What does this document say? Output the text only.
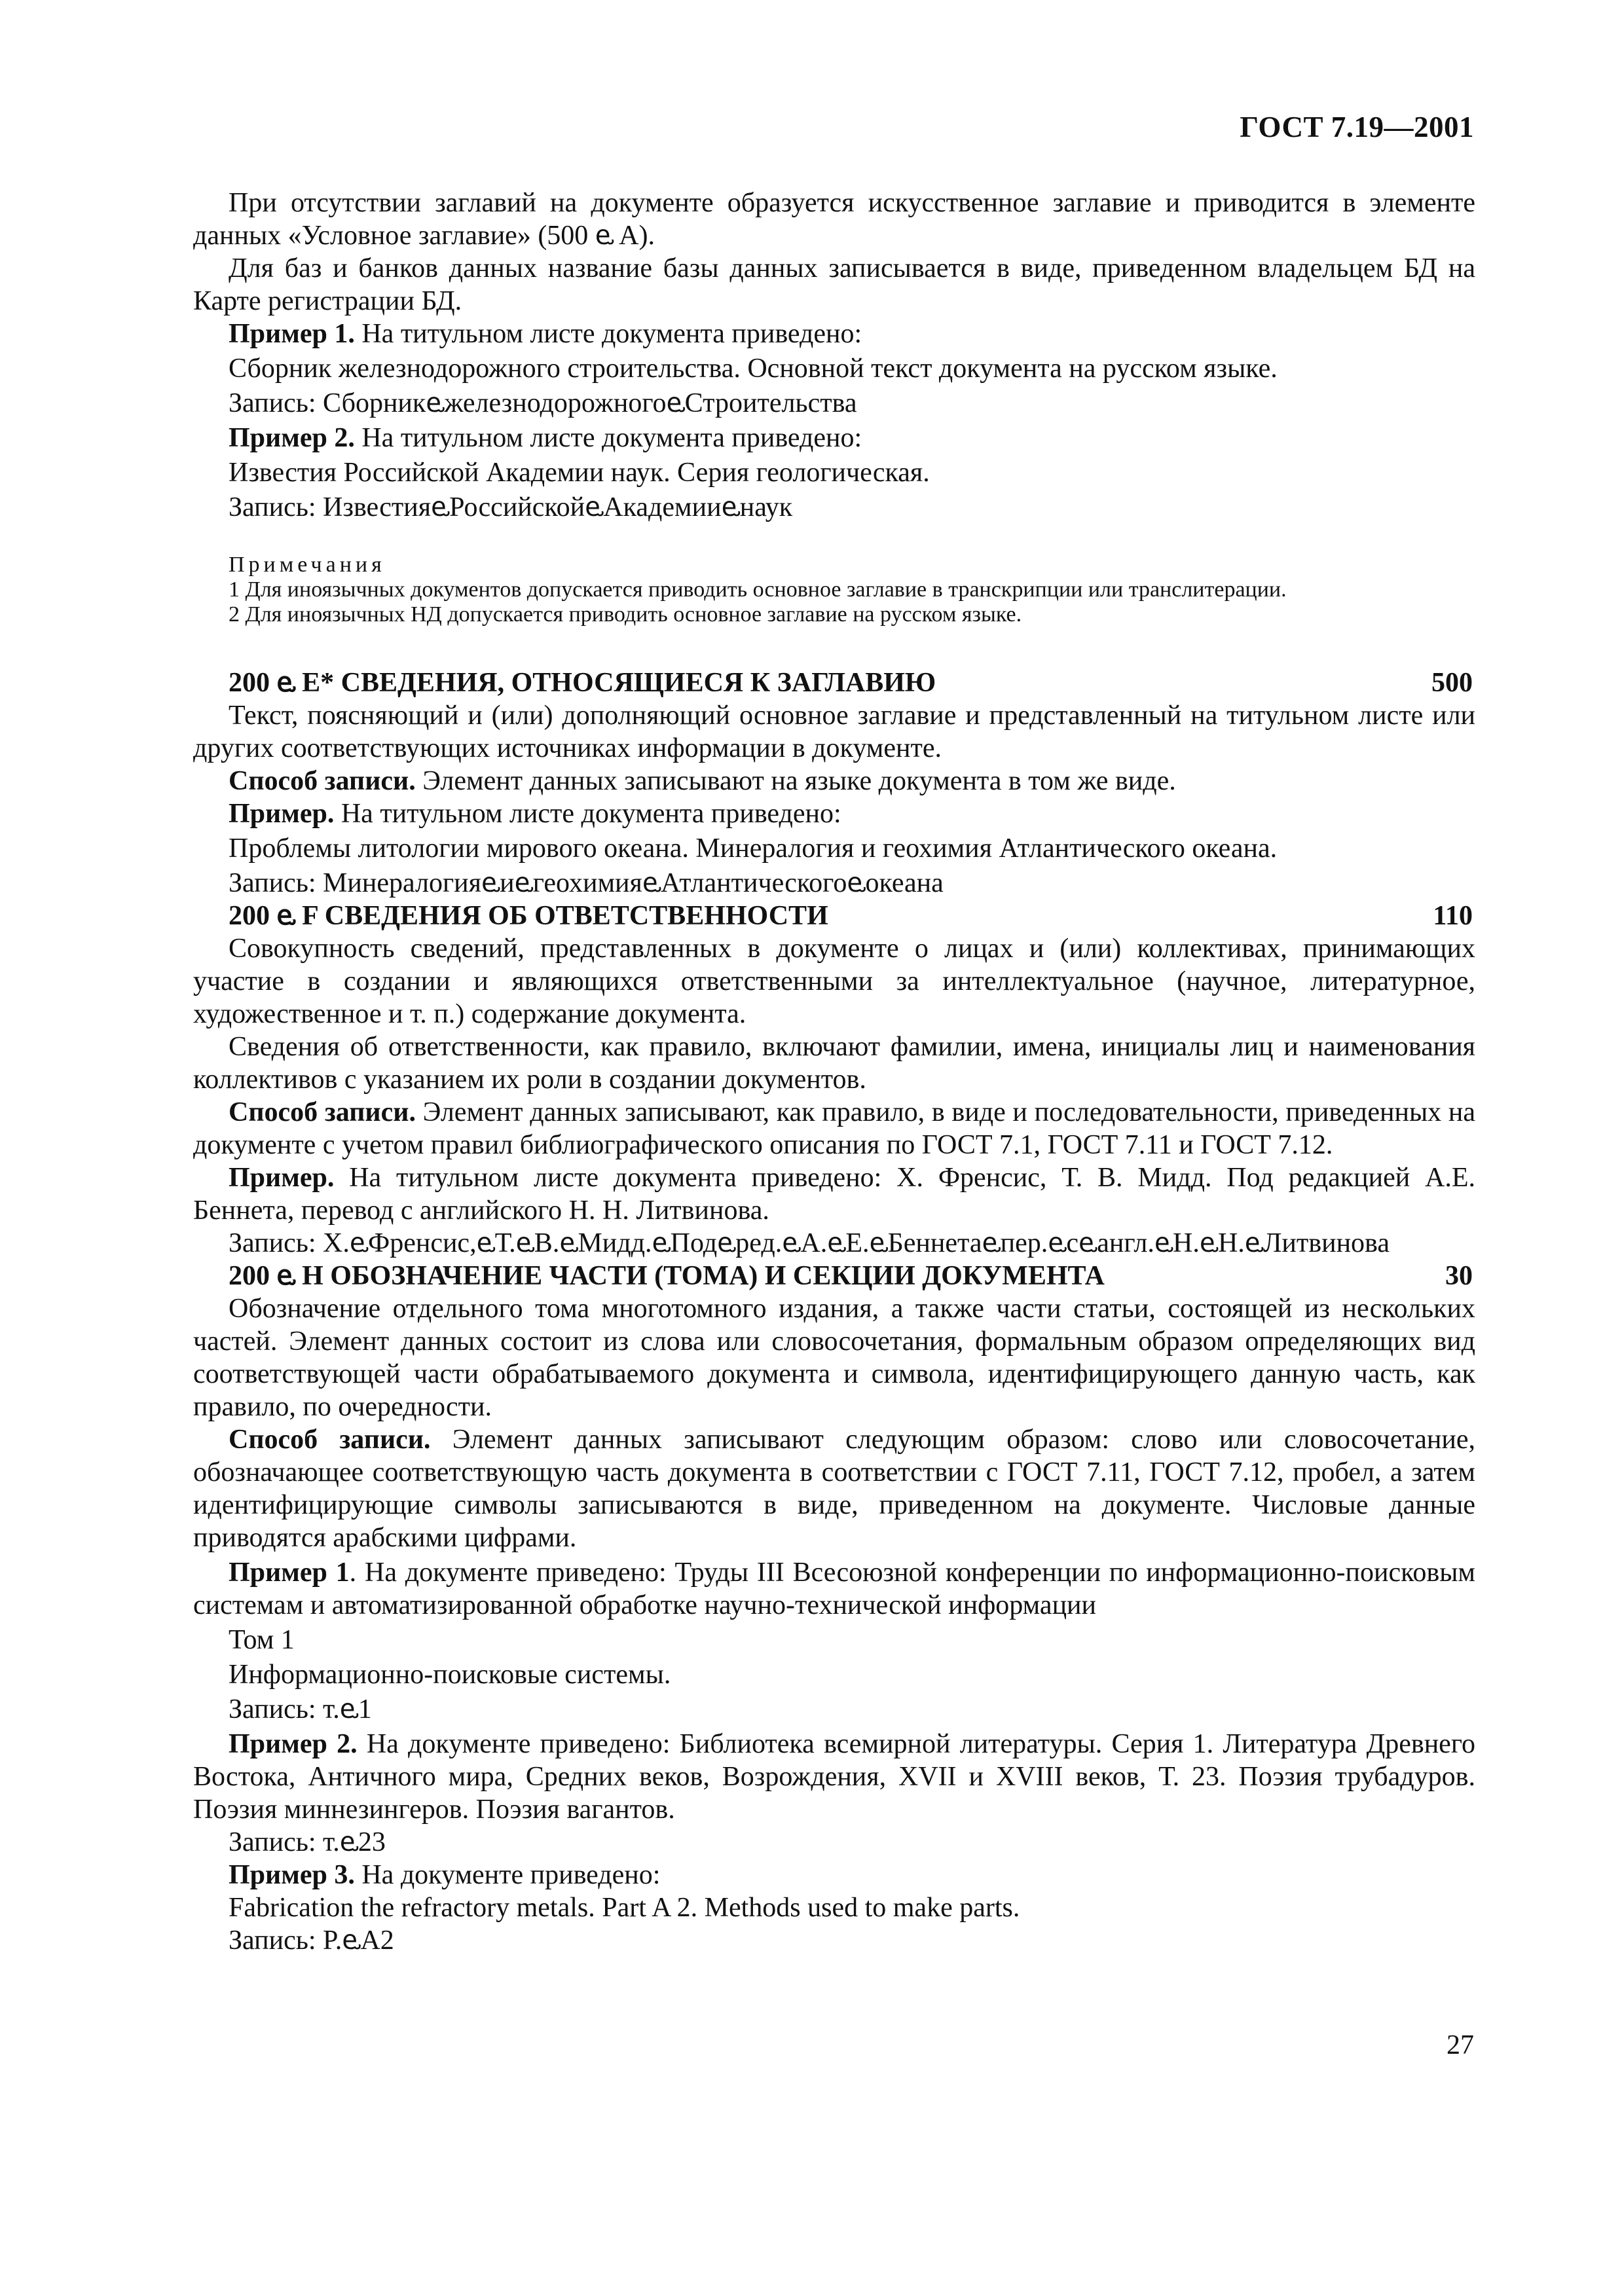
ГОСТ 7.19—2001

При отсутствии заглавий на документе образуется искусственное заглавие и приводится в элементе данных «Условное заглавие» (500 ⱸ A).

Для баз и банков данных название базы данных записывается в виде, приведенном владельцем БД на Карте регистрации БД.

Пример 1. На титульном листе документа приведено:

Сборник железнодорожного строительства. Основной текст документа на русском языке.

Запись: СборникⱸжелезнодорожногоⱸСтроительства

Пример 2. На титульном листе документа приведено:

Известия Российской Академии наук. Серия геологическая.

Запись: ИзвестияⱸРоссийскойⱸАкадемииⱸнаук

Примечания

1 Для иноязычных документов допускается приводить основное заглавие в транскрипции или транслитерации.

2 Для иноязычных НД допускается приводить основное заглавие на русском языке.

200 ⱸ E* СВЕДЕНИЯ, ОТНОСЯЩИЕСЯ К ЗАГЛАВИЮ	500

Текст, поясняющий и (или) дополняющий основное заглавие и представленный на титульном листе или других соответствующих источниках информации в документе.

Способ записи. Элемент данных записывают на языке документа в том же виде.

Пример. На титульном листе документа приведено:

Проблемы литологии мирового океана. Минералогия и геохимия Атлантического океана.

Запись: МинералогияⱸиⱸгеохимияⱸАтлантическогоⱸокеана

200 ⱸ F СВЕДЕНИЯ ОБ ОТВЕТСТВЕННОСТИ	110

Совокупность сведений, представленных в документе о лицах и (или) коллективах, принимающих участие в создании и являющихся ответственными за интеллектуальное (научное, литературное, художественное и т. п.) содержание документа.

Сведения об ответственности, как правило, включают фамилии, имена, инициалы лиц и наименования коллективов с указанием их роли в создании документов.

Способ записи. Элемент данных записывают, как правило, в виде и последовательности, приведенных на документе с учетом правил библиографического описания по ГОСТ 7.1, ГОСТ 7.11 и ГОСТ 7.12.

Пример. На титульном листе документа приведено: Х. Френсис, Т. В. Мидд. Под редакцией А.Е. Беннета, перевод с английского Н. Н. Литвинова.

Запись: Х.ⱸФренсис,ⱸТ.ⱸВ.ⱸМидд.ⱸПодⱸред.ⱸА.ⱸЕ.ⱸБеннетаⱸпер.ⱸсⱸангл.ⱸН.ⱸН.ⱸЛитвинова

200 ⱸ H ОБОЗНАЧЕНИЕ ЧАСТИ (ТОМА) И СЕКЦИИ ДОКУМЕНТА	30

Обозначение отдельного тома многотомного издания, а также части статьи, состоящей из нескольких частей. Элемент данных состоит из слова или словосочетания, формальным образом определяющих вид соответствующей части обрабатываемого документа и символа, идентифицирующего данную часть, как правило, по очередности.

Способ записи. Элемент данных записывают следующим образом: слово или словосочетание, обозначающее соответствующую часть документа в соответствии с ГОСТ 7.11, ГОСТ 7.12, пробел, а затем идентифицирующие символы записываются в виде, приведенном на документе. Числовые данные приводятся арабскими цифрами.

Пример 1. На документе приведено: Труды III Всесоюзной конференции по информационно-поисковым системам и автоматизированной обработке научно-технической информации

Том 1

Информационно-поисковые системы.

Запись: т.ⱸ1

Пример 2. На документе приведено: Библиотека всемирной литературы. Серия 1. Литература Древнего Востока, Античного мира, Средних веков, Возрождения, XVII и XVIII веков, Т. 23. Поэзия трубадуров. Поэзия миннезингеров. Поэзия вагантов.

Запись: т.ⱸ23

Пример 3. На документе приведено:

Fabrication the refractory metals. Part A 2. Methods used to make parts.

Запись: P.ⱸA2

27
